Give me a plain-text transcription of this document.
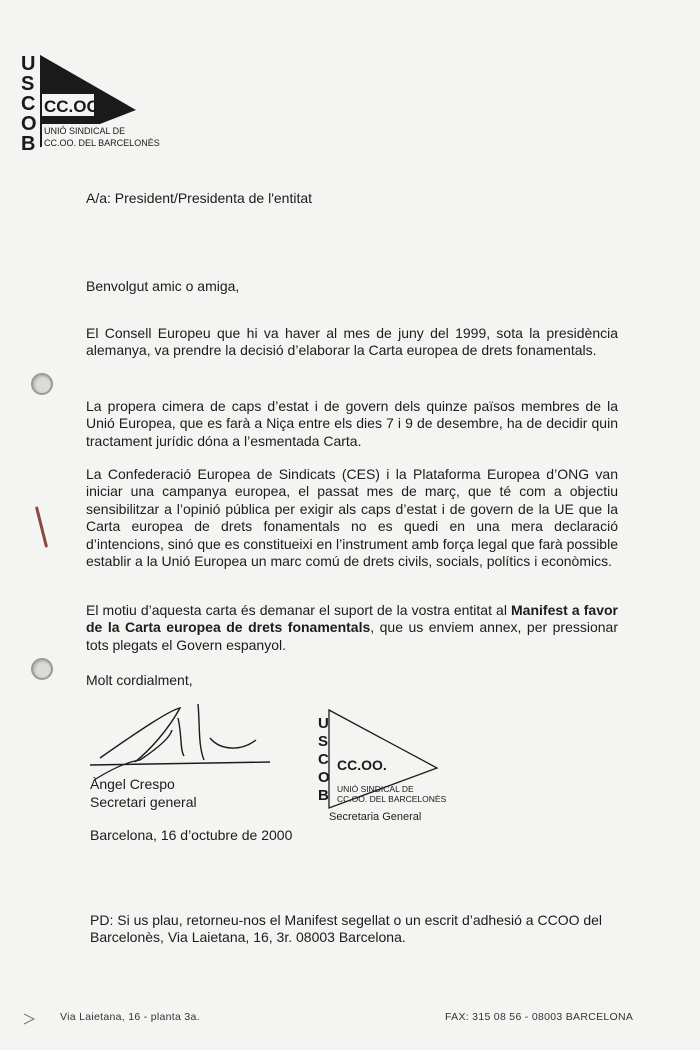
U
S
C
O
B
CC.OO.
UNIÓ SINDICAL DE
CC.OO. DEL BARCELONÈS
A/a: President/Presidenta de l'entitat
Benvolgut amic o amiga,
El Consell Europeu que hi va haver al mes de juny del 1999, sota la presidència alemanya, va prendre la decisió d’elaborar la Carta europea de drets fonamentals.
La propera cimera de caps d’estat i de govern dels quinze països membres de la Unió Europea, que es farà a Niça entre els dies 7 i 9 de desembre, ha de decidir quin tractament jurídic dóna a l’esmentada Carta.
La Confederació Europea de Sindicats (CES) i la Plataforma Europea d’ONG van iniciar una campanya europea, el passat mes de març, que té com a objectiu sensibilitzar a l’opinió pública per exigir als caps d’estat i de govern de la UE que la Carta europea de drets fonamentals no es quedi en una mera declaració d’intencions, sinó que es constitueixi en l’instrument amb força legal que farà possible establir a la Unió Europea un marc comú de drets civils, socials, polítics i econòmics.
El motiu d’aquesta carta és demanar el suport de la vostra entitat al Manifest a favor de la Carta europea de drets fonamentals, que us enviem annex, per pressionar tots plegats el Govern espanyol.
Molt cordialment,
Àngel Crespo
Secretari general
U
S
C
O
B
CC.OO.
UNIÓ SINDICAL DE
CC.OO. DEL BARCELONÈS
Secretaria General
Barcelona, 16 d’octubre de 2000
PD: Si us plau, retorneu-nos el Manifest segellat o un escrit d’adhesió a CCOO del Barcelonès, Via Laietana, 16, 3r. 08003 Barcelona.
Via Laietana, 16 - planta 3a.	FAX: 315 08 56 - 08003 BARCELONA
